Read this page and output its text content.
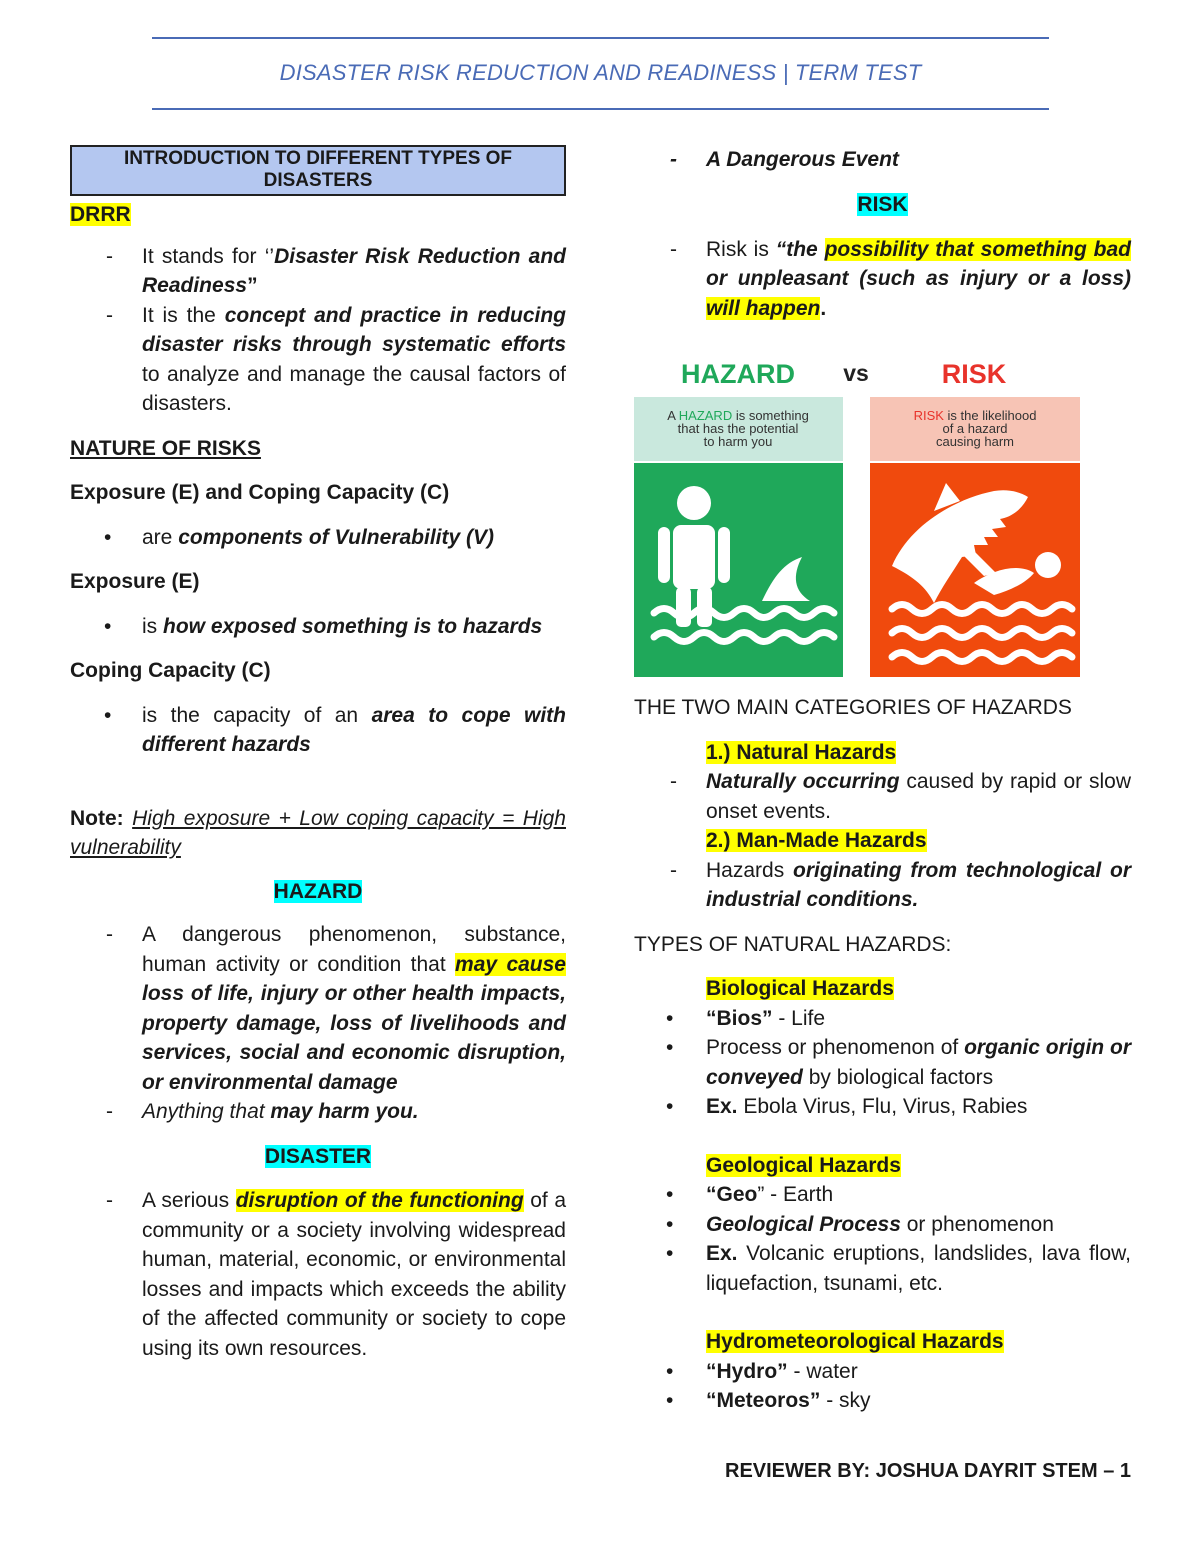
DISASTER RISK REDUCTION AND READINESS | TERM TEST
INTRODUCTION TO DIFFERENT TYPES OF DISASTERS

DRRR

- It stands for ‘’Disaster Risk Reduction and Readiness”

- It is the concept and practice in reducing disaster risks through systematic efforts to analyze and manage the causal factors of disasters.

NATURE OF RISKS

Exposure (E) and Coping Capacity (C)

• are components of Vulnerability (V)

Exposure (E)

• is how exposed something is to hazards

Coping Capacity (C)

• is the capacity of an area to cope with different hazards

Note: High exposure + Low coping capacity = High vulnerability

HAZARD

- A dangerous phenomenon, substance, human activity or condition that may cause loss of life, injury or other health impacts, property damage, loss of livelihoods and services, social and economic disruption, or environmental damage

- Anything that may harm you.

DISASTER

- A serious disruption of the functioning of a community or a society involving widespread human, material, economic, or environmental losses and impacts which exceeds the ability of the affected community or society to cope using its own resources.

- A Dangerous Event

RISK

- Risk is “the possibility that something bad or unpleasant (such as injury or a loss) will happen.

HAZARD vs	RISK
A HAZARD is something
that has the potential
to harm you
RISK is the likelihood
of a hazard
causing harm

THE TWO MAIN CATEGORIES OF HAZARDS

1.) Natural Hazards

- Naturally occurring caused by rapid or slow onset events.

2.) Man-Made Hazards

- Hazards originating from technological or industrial conditions.

TYPES OF NATURAL HAZARDS:

Biological Hazards

• “Bios” - Life

• Process or phenomenon of organic origin or conveyed by biological factors

• Ex. Ebola Virus, Flu, Virus, Rabies

Geological Hazards

• “Geo” - Earth

• Geological Process or phenomenon

• Ex. Volcanic eruptions, landslides, lava flow, liquefaction, tsunami, etc.

Hydrometeorological Hazards

• “Hydro” - water

• “Meteoros” - sky

REVIEWER BY: JOSHUA DAYRIT STEM – 1
